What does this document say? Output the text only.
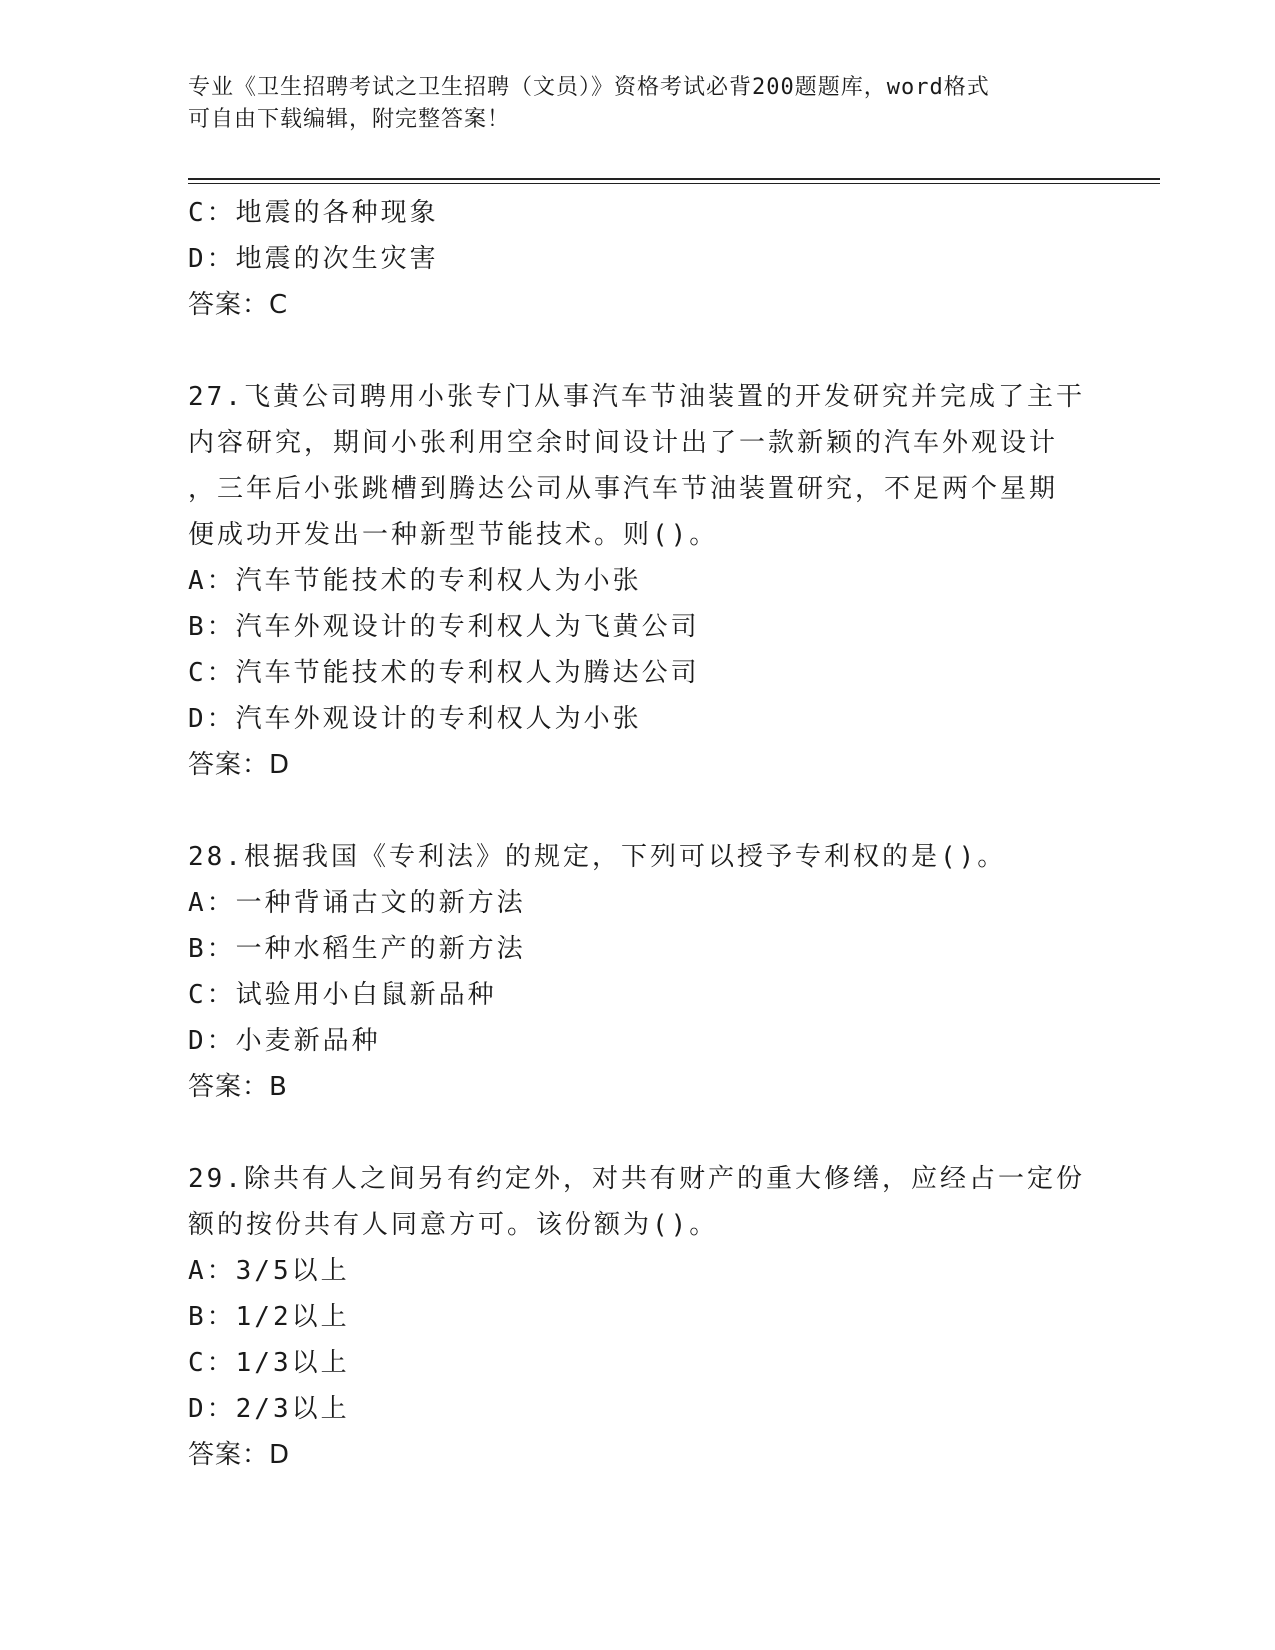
专业《卫生招聘考试之卫生招聘（文员）》资格考试必背200题题库，word格式
可自由下载编辑，附完整答案！

C：地震的各种现象

D：地震的次生灾害

答案：C

27.飞黄公司聘用小张专门从事汽车节油装置的开发研究并完成了主干

内容研究，期间小张利用空余时间设计出了一款新颖的汽车外观设计

，三年后小张跳槽到腾达公司从事汽车节油装置研究，不足两个星期

便成功开发出一种新型节能技术。则()。

A：汽车节能技术的专利权人为小张

B：汽车外观设计的专利权人为飞黄公司

C：汽车节能技术的专利权人为腾达公司

D：汽车外观设计的专利权人为小张

答案：D

28.根据我国《专利法》的规定，下列可以授予专利权的是()。

A：一种背诵古文的新方法

B：一种水稻生产的新方法

C：试验用小白鼠新品种

D：小麦新品种

答案：B

29.除共有人之间另有约定外，对共有财产的重大修缮，应经占一定份

额的按份共有人同意方可。该份额为()。

A：3/5以上

B：1/2以上

C：1/3以上

D：2/3以上

答案：D
